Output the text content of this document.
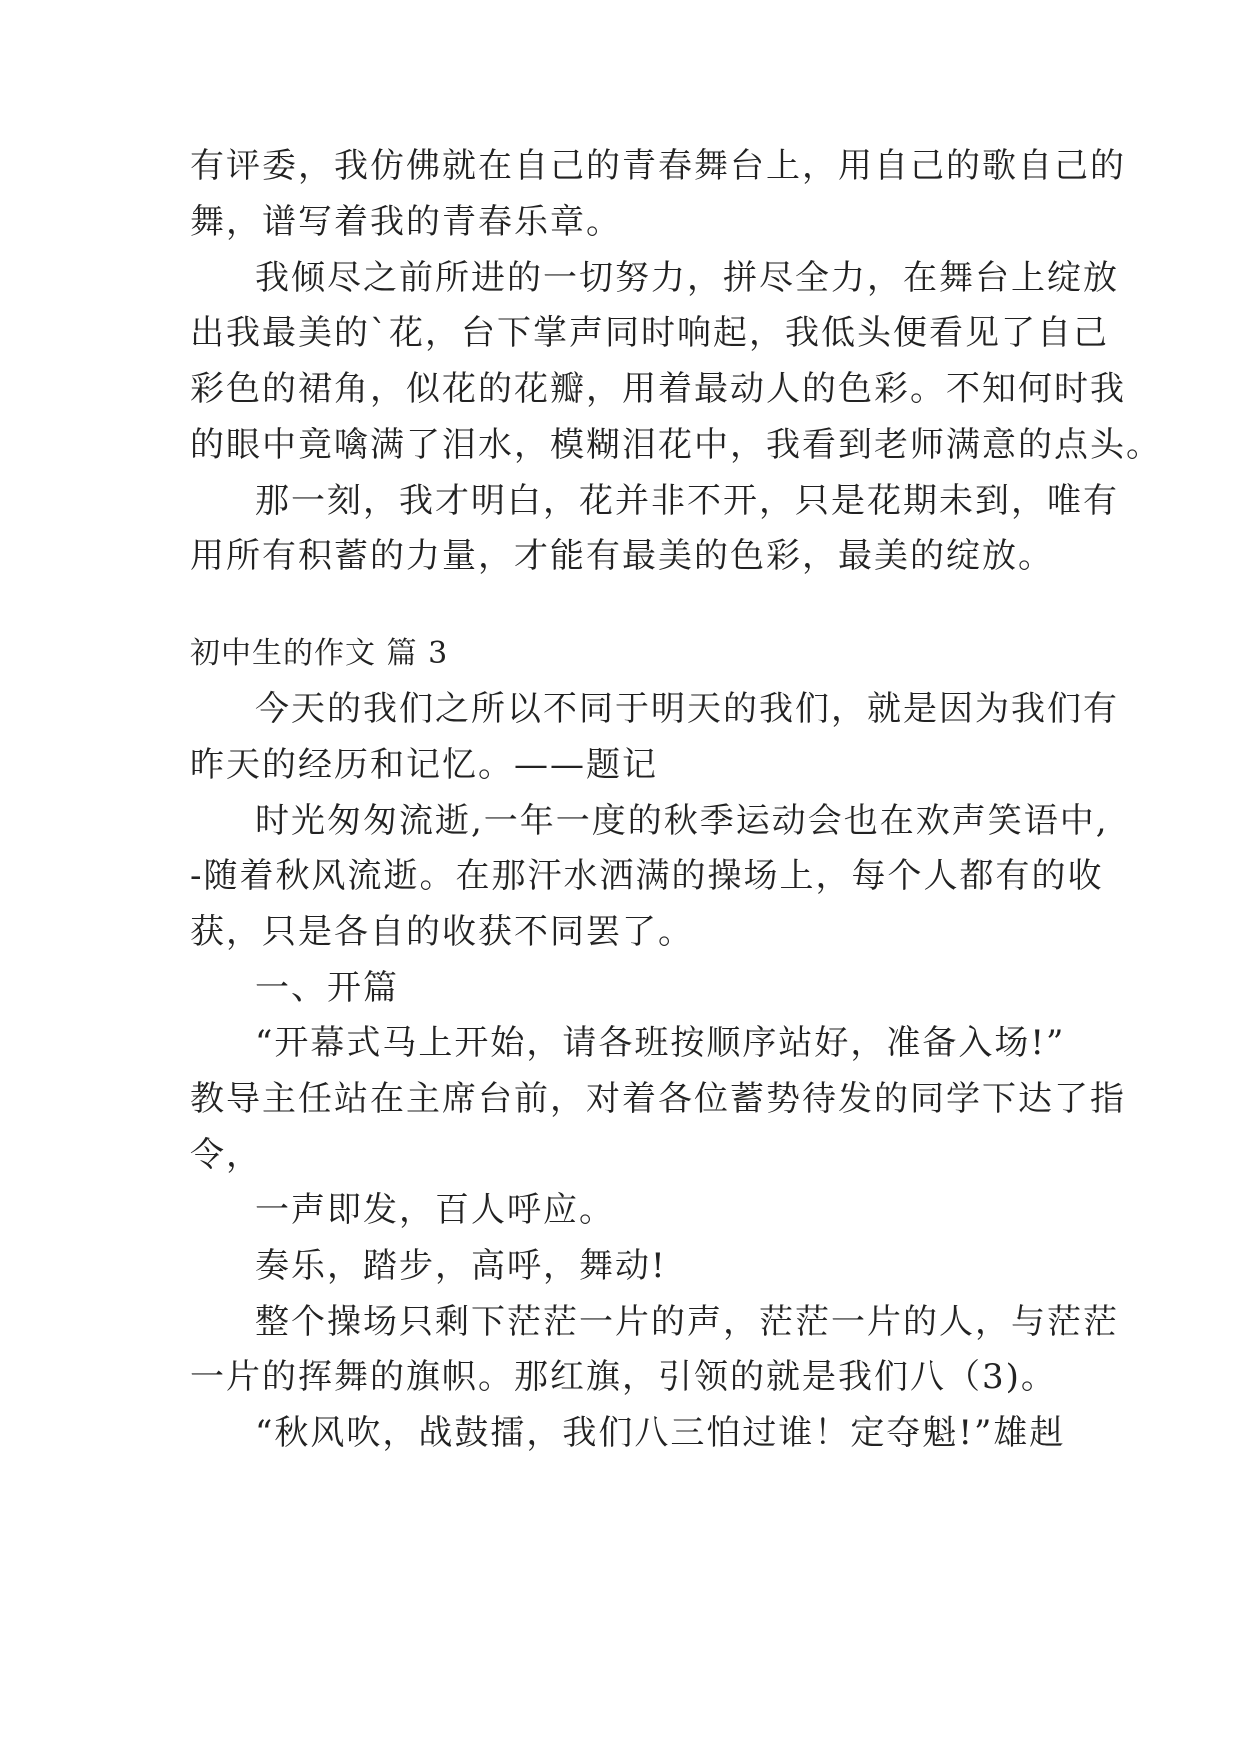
有评委，我仿佛就在自己的青春舞台上，用自己的歌自己的
舞，谱写着我的青春乐章。
我倾尽之前所进的一切努力，拼尽全力，在舞台上绽放
出我最美的`花，台下掌声同时响起，我低头便看见了自己
彩色的裙角，似花的花瓣，用着最动人的色彩。不知何时我
的眼中竟噙满了泪水，模糊泪花中，我看到老师满意的点头。
那一刻，我才明白，花并非不开，只是花期未到，唯有
用所有积蓄的力量，才能有最美的色彩，最美的绽放。
初中生的作文 篇 3
今天的我们之所以不同于明天的我们，就是因为我们有
昨天的经历和记忆。——题记
时光匆匆流逝,一年一度的秋季运动会也在欢声笑语中,
-随着秋风流逝。在那汗水洒满的操场上，每个人都有的收
获，只是各自的收获不同罢了。
一、开篇
“开幕式马上开始，请各班按顺序站好，准备入场!”
教导主任站在主席台前，对着各位蓄势待发的同学下达了指
令，
一声即发，百人呼应。
奏乐，踏步，高呼，舞动!
整个操场只剩下茫茫一片的声，茫茫一片的人，与茫茫
一片的挥舞的旗帜。那红旗，引领的就是我们八（3)。
“秋风吹，战鼓擂，我们八三怕过谁！定夺魁!”雄赳
